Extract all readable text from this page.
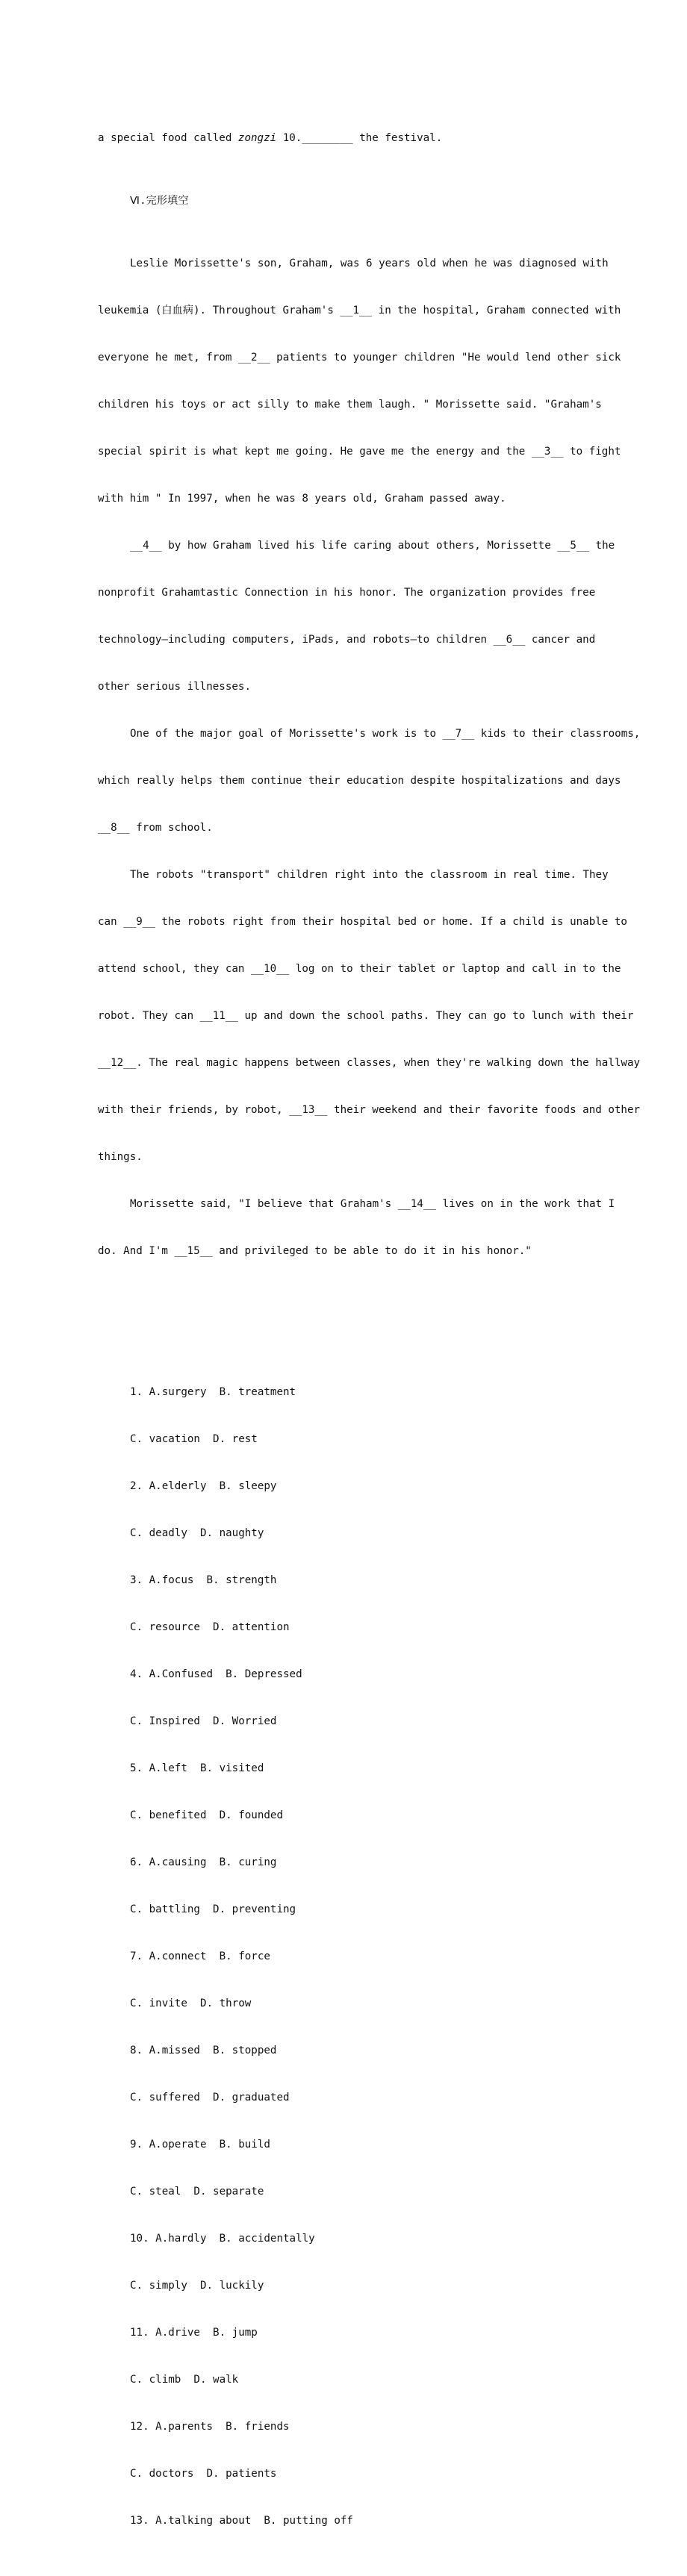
a special food called zongzi 10.________ the festival.

Ⅵ.完形填空

Leslie Morissette's son, Graham, was 6 years old when he was diagnosed with

leukemia (白血病). Throughout Graham's __1__ in the hospital, Graham connected with

everyone he met, from __2__ patients to younger children "He would lend other sick

children his toys or act silly to make them laugh. " Morissette said. "Graham's

special spirit is what kept me going. He gave me the energy and the __3__ to fight

with him " In 1997, when he was 8 years old, Graham passed away.

__4__ by how Graham lived his life caring about others, Morissette __5__ the

nonprofit Grahamtastic Connection in his honor. The organization provides free

technology—including computers, iPads, and robots—to children __6__ cancer and

other serious illnesses.

One of the major goal of Morissette's work is to __7__ kids to their classrooms,

which really helps them continue their education despite hospitalizations and days

__8__ from school.

The robots "transport" children right into the classroom in real time. They

can __9__ the robots right from their hospital bed or home. If a child is unable to

attend school, they can __10__ log on to their tablet or laptop and call in to the

robot. They can __11__ up and down the school paths. They can go to lunch with their

__12__. The real magic happens between classes, when they're walking down the hallway

with their friends, by robot, __13__ their weekend and their favorite foods and other

things.

Morissette said, "I believe that Graham's __14__ lives on in the work that I

do. And I'm __15__ and privileged to be able to do it in his honor."

1. A.surgery  B. treatment

C. vacation  D. rest

2. A.elderly  B. sleepy

C. deadly  D. naughty

3. A.focus  B. strength

C. resource  D. attention

4. A.Confused  B. Depressed

C. Inspired  D. Worried

5. A.left  B. visited

C. benefited  D. founded

6. A.causing  B. curing

C. battling  D. preventing

7. A.connect  B. force

C. invite  D. throw

8. A.missed  B. stopped

C. suffered  D. graduated

9. A.operate  B. build

C. steal  D. separate

10. A.hardly  B. accidentally

C. simply  D. luckily

11. A.drive  B. jump

C. climb  D. walk

12. A.parents  B. friends

C. doctors  D. patients

13. A.talking about  B. putting off
